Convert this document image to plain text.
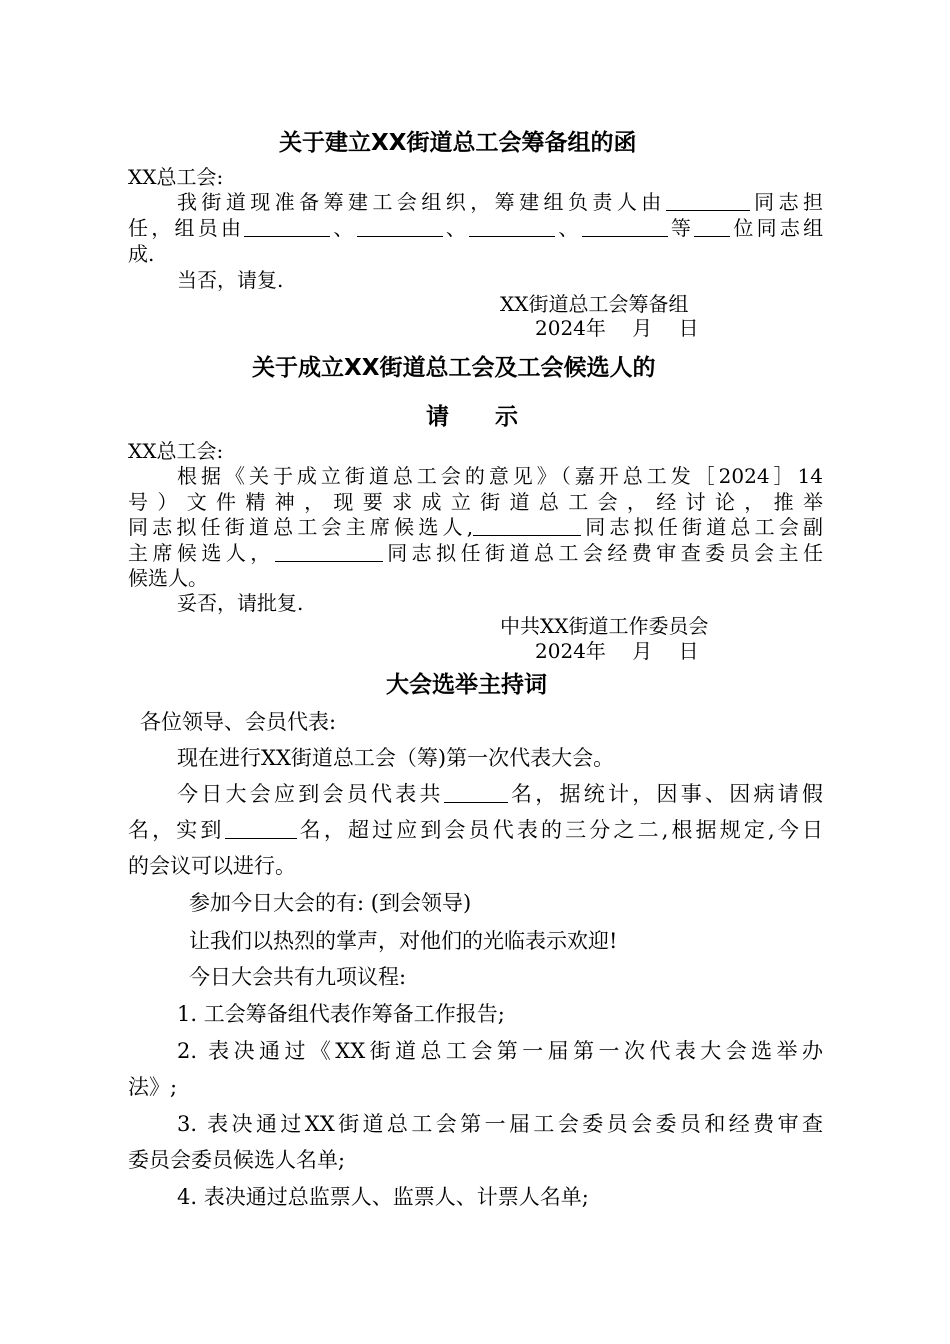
关于建立XX街道总工会筹备组的函
XX总工会:
我街道现准备筹建工会组织，筹建组负责人由	同志担
任，组员由	、	、	、	等 位同志组
成.
当否，请复.
XX街道总工会筹备组
2024年　 月　 日
关于成立XX街道总工会及工会候选人的
请　　示
XX总工会:
根据《关于成立街道总工会的意见》（嘉开总工发［2024］14
号）文件精神，现要求成立街道总工会，经讨论，推举
同志拟任街道总工会主席候选人,	同志拟任街道总工会副
主席候选人，	同志拟任街道总工会经费审查委员会主任
候选人。
妥否，请批复.
中共XX街道工作委员会
2024年　 月　 日
大会选举主持词
各位领导、会员代表:
现在进行XX街道总工会（筹)第一次代表大会。
今日大会应到会员代表共	名，据统计，因事、因病请假
名，实到	名，超过应到会员代表的三分之二,根据规定,今日
的会议可以进行。
参加今日大会的有: (到会领导)
让我们以热烈的掌声，对他们的光临表示欢迎!
今日大会共有九项议程:
1. 工会筹备组代表作筹备工作报告;
2. 表决通过《XX街道总工会第一届第一次代表大会选举办
法》;
3. 表决通过XX街道总工会第一届工会委员会委员和经费审查
委员会委员候选人名单;
4. 表决通过总监票人、监票人、计票人名单;
